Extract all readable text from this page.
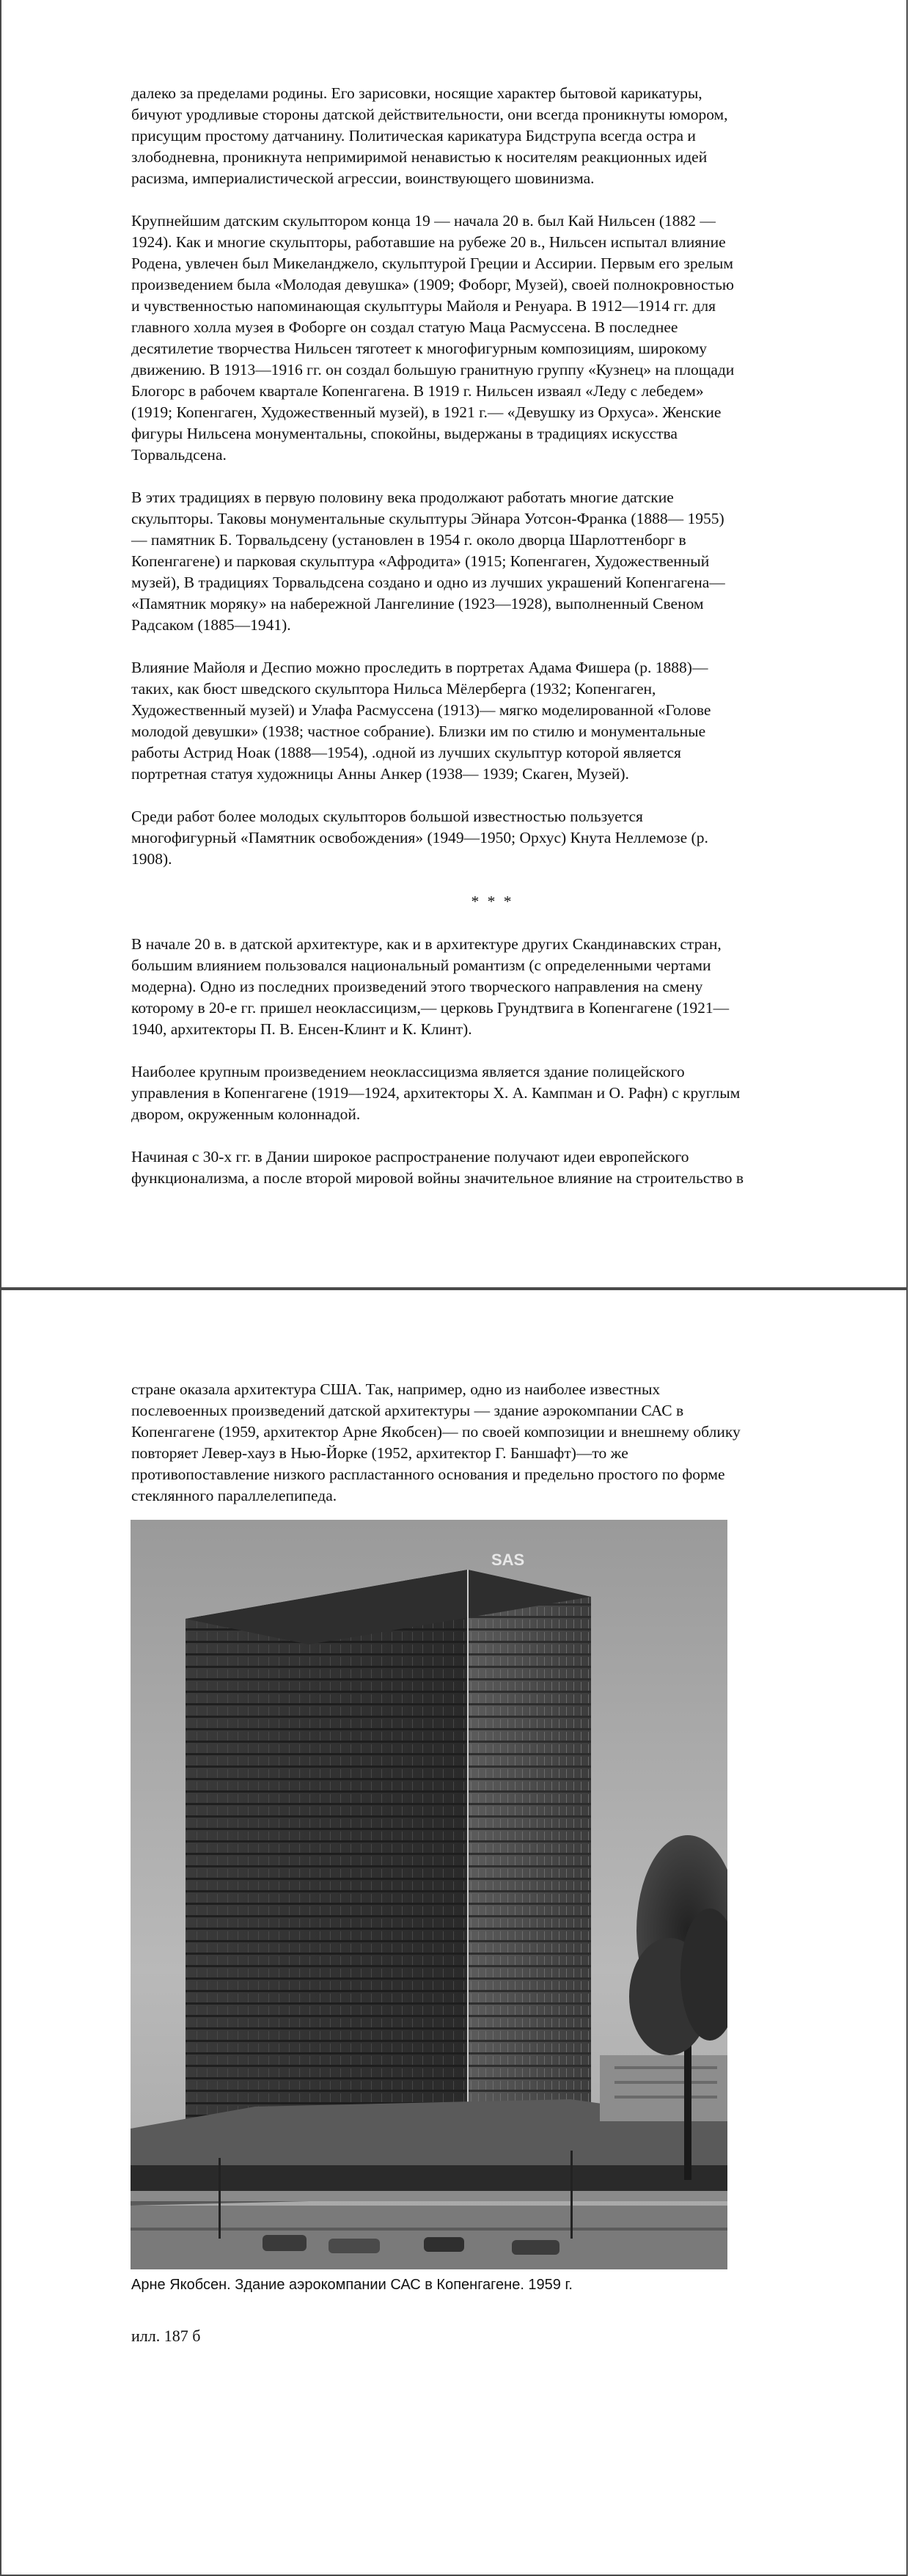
далеко за пределами родины. Его зарисовки, носящие характер бытовой карикатуры,
бичуют уродливые стороны датской действительности, они всегда проникнуты юмором,
присущим простому датчанину. Политическая карикатура Бидструпа всегда остра и
злободневна, проникнута непримиримой ненавистью к носителям реакционных идей
расизма, империалистической агрессии, воинствующего шовинизма.

Крупнейшим датским скульптором конца 19 — начала 20 в. был Кай Нильсен (1882 —
1924). Как и многие скульпторы, работавшие на рубеже 20 в., Нильсен испытал влияние
Родена, увлечен был Микеланджело, скульптурой Греции и Ассирии. Первым его зрелым
произведением была «Молодая девушка» (1909; Фоборг, Музей), своей полнокровностью
и чувственностью напоминающая скульптуры Майоля и Ренуара. В 1912—1914 гг. для
главного холла музея в Фоборге он создал статую Маца Расмуссена. В последнее
десятилетие творчества Нильсен тяготеет к многофигурным композициям, широкому
движению. В 1913—1916 гг. он создал большую гранитную группу «Кузнец» на площади
Блогорс в рабочем квартале Копенгагена. В 1919 г. Нильсен изваял «Леду с лебедем»
(1919; Копенгаген, Художественный музей), в 1921 г.— «Девушку из Орхуса». Женские
фигуры Нильсена монументальны, спокойны, выдержаны в традициях искусства
Торвальдсена.

В этих традициях в первую половину века продолжают работать многие датские
скульпторы. Таковы монументальные скульптуры Эйнара Уотсон-Франка (1888— 1955)
— памятник Б. Торвальдсену (установлен в 1954 г. около дворца Шарлоттенборг в
Копенгагене) и парковая скульптура «Афродита» (1915; Копенгаген, Художественный
музей), В традициях Торвальдсена создано и одно из лучших украшений Копенгагена—
«Памятник моряку» на набережной Лангелиние (1923—1928), выполненный Свеном
Радсаком (1885—1941).

Влияние Майоля и Деспио можно проследить в портретах Адама Фишера (р. 1888)—
таких, как бюст шведского скульптора Нильса Мёлерберга (1932; Копенгаген,
Художественный музей) и Улафа Расмуссена (1913)— мягко моделированной «Голове
молодой девушки» (1938; частное собрание). Близки им по стилю и монументальные
работы Астрид Ноак (1888—1954), .одной из лучших скульптур которой является
портретная статуя художницы Анны Анкер (1938— 1939; Скаген, Музей).

Среди работ более молодых скульпторов большой известностью пользуется
многофигурньй «Памятник освобождения» (1949—1950; Орхус) Кнута Неллемозе (р.
1908).

* * *

В начале 20 в. в датской архитектуре, как и в архитектуре других Скандинавских стран,
большим влиянием пользовался национальный романтизм (с определенными чертами
модерна). Одно из последних произведений этого творческого направления на смену
которому в 20-е гг. пришел неоклассицизм,— церковь Грундтвига в Копенгагене (1921—
1940, архитекторы П. В. Енсен-Клинт и К. Клинт).

Наиболее крупным произведением неоклассицизма является здание полицейского
управления в Копенгагене (1919—1924, архитекторы X. А. Кампман и О. Рафн) с круглым
двором, окруженным колоннадой.

Начиная с 30-х гг. в Дании широкое распространение получают идеи европейского
функционализма, а после второй мировой войны значительное влияние на строительство в

стране оказала архитектура США. Так, например, одно из наиболее известных
послевоенных произведений датской архитектуры — здание аэрокомпании САС в
Копенгагене (1959, архитектор Арне Якобсен)— по своей композиции и внешнему облику
повторяет Левер-хауз в Нью-Йорке (1952, архитектор Г. Баншафт)—то же
противопоставление низкого распластанного основания и предельно простого по форме
стеклянного параллелепипеда.

SAS
Арне Якобсен. Здание аэрокомпании САС в Копенгагене. 1959 г.
илл. 187 б
